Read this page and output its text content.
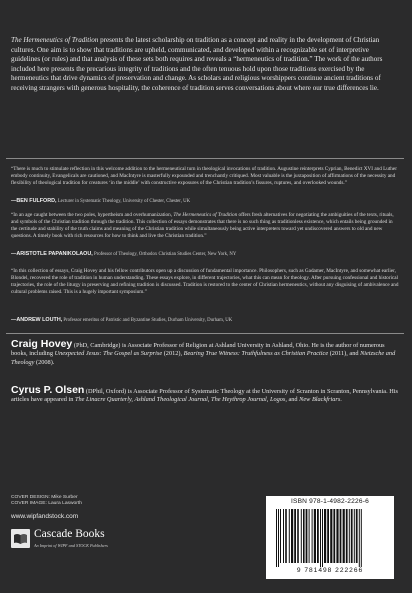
The Hermeneutics of Tradition presents the latest scholarship on tradition as a concept and reality in the development of Christian cultures. One aim is to show that traditions are upheld, communicated, and developed within a recognizable set of interpretive guidelines (or rules) and that analysis of these sets both requires and reveals a “hermeneutics of tradition.” The work of the authors included here presents the precarious integrity of traditions and the often tenuous hold upon those traditions exercised by the hermeneutics that drive dynamics of preservation and change. As scholars and religious worshippers continue ancient traditions of receiving strangers with generous hospitality, the coherence of tradition serves conversations about where our true differences lie.

“There is much to stimulate reflection in this welcome addition to the hermeneutical turn in theological invocations of tradition. Augustine reinterprets Cyprian, Benedict XVI and Luther embody continuity, Evangelicals are cautioned, and MacIntyre is masterfully expounded and trenchantly critiqued. Most valuable is the juxtaposition of affirmations of the necessity and flexibility of theological tradition for creatures ‘in the middle’ with constructive exposures of the Christian tradition’s fissures, ruptures, and overlooked wounds.”

—BEN FULFORD, Lecturer in Systematic Theology, University of Chester, Chester, UK

“In an age caught between the two poles, hypertheism and overhumanization, The Hermeneutics of Tradition offers fresh alternatives for negotiating the ambiguities of the texts, rituals, and symbols of the Christian tradition through the tradition. This collection of essays demonstrates that there is no such thing as traditionless existence, which entails being grounded in the certitude and stability of the truth claims and meaning of the Christian tradition while simultaneously being active interpreters toward yet undiscovered answers to old and new questions. A timely book with rich resources for how to think and live the Christian tradition.”

—ARISTOTLE PAPANIKOLAOU, Professor of Theology, Orthodox Christian Studies Center, New York, NY

“In this collection of essays, Craig Hovey and his fellow contributors open up a discussion of fundamental importance. Philosophers, such as Gadamer, MacIntyre, and somewhat earlier, Blondel, recovered the role of tradition in human understanding. These essays explore, in different trajectories, what this can mean for theology. After pursuing confessional and historical trajectories, the role of the liturgy in preserving and refining tradition is discussed. Tradition is restored to the center of Christian hermeneutics, without any disguising of ambivalence and cultural problems raised. This is a hugely important symposium.”

—ANDREW LOUTH, Professor emeritus of Patristic and Byzantine Studies, Durham University, Durham, UK

Craig Hovey (PhD, Cambridge) is Associate Professor of Religion at Ashland University in Ashland, Ohio. He is the author of numerous books, including Unexpected Jesus: The Gospel as Surprise (2012), Bearing True Witness: Truthfulness as Christian Practice (2011), and Nietzsche and Theology (2008).

Cyrus P. Olsen (DPhil, Oxford) is Associate Professor of Systematic Theology at the University of Scranton in Scranton, Pennsylvania. His articles have appeared in The Linacre Quarterly, Ashland Theological Journal, The Heythrop Journal, Logos, and New Blackfriars.

COVER DESIGN: Mike Surber
COVER IMAGE: Laura Lasworth
www.wipfandstock.com
Cascade Books
An Imprint of WIPF and STOCK Publishers
ISBN 978-1-4982-2226-6
9 781498 222266
